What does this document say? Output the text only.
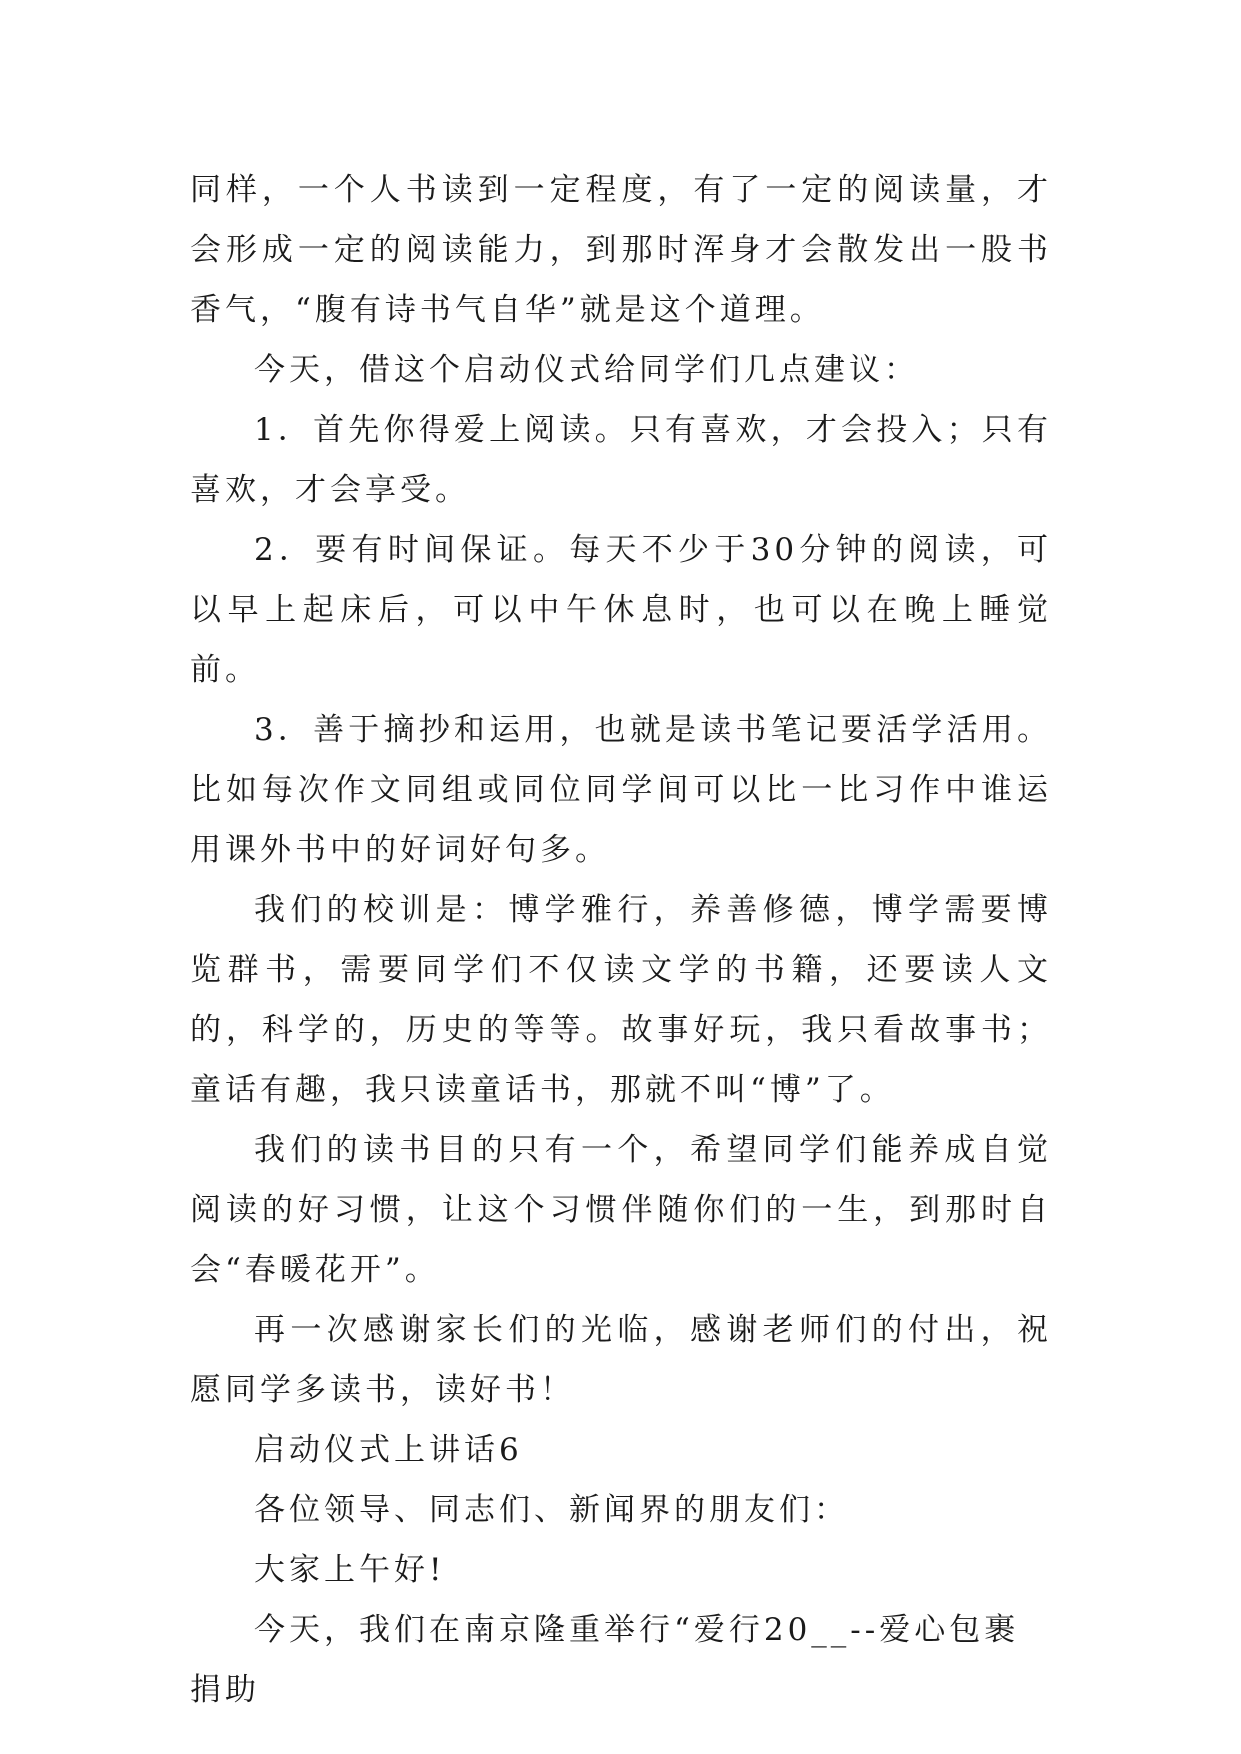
同样，一个人书读到一定程度，有了一定的阅读量，才会形成一定的阅读能力，到那时浑身才会散发出一股书香气，“腹有诗书气自华”就是这个道理。

今天，借这个启动仪式给同学们几点建议：

1．首先你得爱上阅读。只有喜欢，才会投入；只有喜欢，才会享受。

2．要有时间保证。每天不少于30分钟的阅读，可以早上起床后，可以中午休息时，也可以在晚上睡觉前。

3．善于摘抄和运用，也就是读书笔记要活学活用。比如每次作文同组或同位同学间可以比一比习作中谁运用课外书中的好词好句多。

我们的校训是：博学雅行，养善修德，博学需要博览群书，需要同学们不仅读文学的书籍，还要读人文的，科学的，历史的等等。故事好玩，我只看故事书；童话有趣，我只读童话书，那就不叫“博”了。

我们的读书目的只有一个，希望同学们能养成自觉阅读的好习惯，让这个习惯伴随你们的一生，到那时自会“春暖花开”。

再一次感谢家长们的光临，感谢老师们的付出，祝愿同学多读书，读好书！

启动仪式上讲话6

各位领导、同志们、新闻界的朋友们：

大家上午好!

今天，我们在南京隆重举行“爱行20__--爱心包裹捐助
